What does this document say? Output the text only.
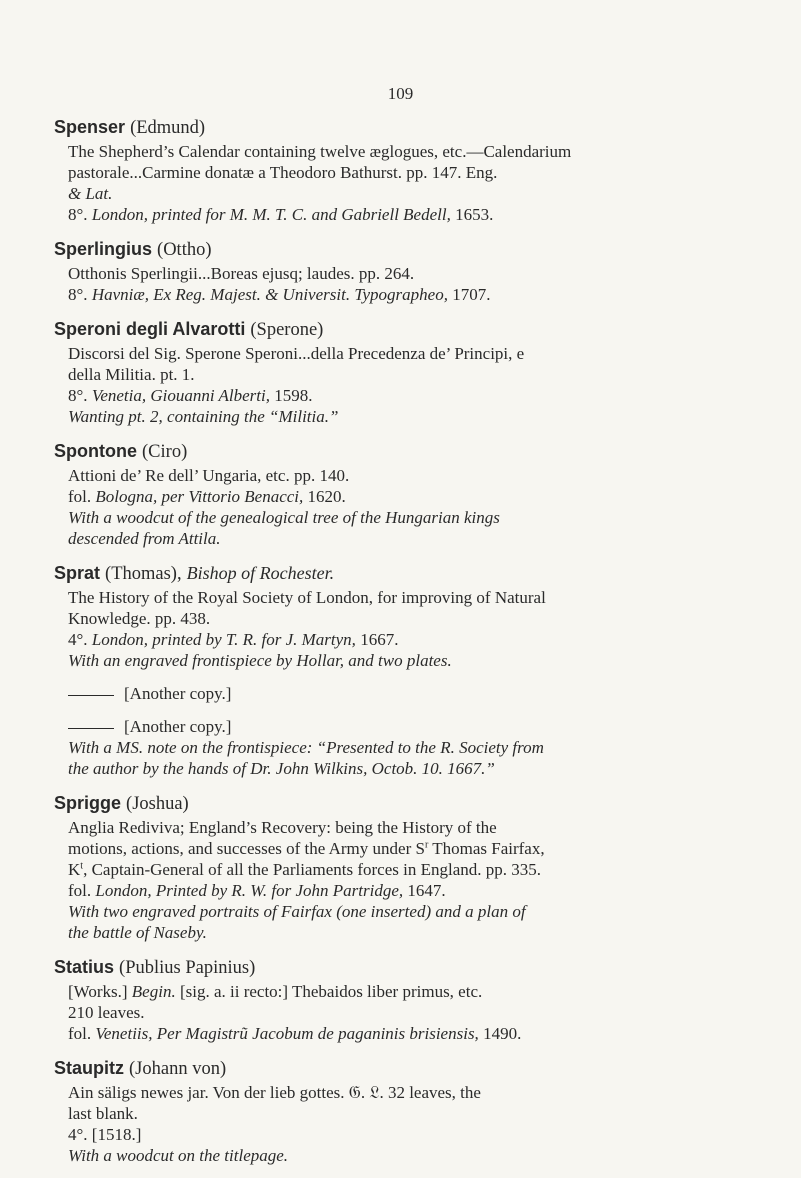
109
Spenser (Edmund)
The Shepherd’s Calendar containing twelve æglogues, etc.—Calendarium
pastorale...Carmine donatæ a Theodoro Bathurst. pp. 147. Eng.
& Lat.
8°. London, printed for M. M. T. C. and Gabriell Bedell, 1653.
Sperlingius (Ottho)
Otthonis Sperlingii...Boreas ejusq; laudes. pp. 264.
8°. Havniæ, Ex Reg. Majest. & Universit. Typographeo, 1707.
Speroni degli Alvarotti (Sperone)
Discorsi del Sig. Sperone Speroni...della Precedenza de’ Principi, e
della Militia. pt. 1.
8°. Venetia, Giouanni Alberti, 1598.
Wanting pt. 2, containing the “Militia.”
Spontone (Ciro)
Attioni de’ Re dell’ Ungaria, etc. pp. 140.
fol. Bologna, per Vittorio Benacci, 1620.
With a woodcut of the genealogical tree of the Hungarian kings
descended from Attila.
Sprat (Thomas), Bishop of Rochester.
The History of the Royal Society of London, for improving of Natural
Knowledge. pp. 438.
4°. London, printed by T. R. for J. Martyn, 1667.
With an engraved frontispiece by Hollar, and two plates.
[Another copy.]
[Another copy.]
With a MS. note on the frontispiece: “Presented to the R. Society from
the author by the hands of Dr. John Wilkins, Octob. 10. 1667.”
Sprigge (Joshua)
Anglia Rediviva; England’s Recovery: being the History of the
motions, actions, and successes of the Army under $S^r$ Thomas Fairfax,
$K^t$, Captain-General of all the Parliaments forces in England. pp. 335.
fol. London, Printed by R. W. for John Partridge, 1647.
With two engraved portraits of Fairfax (one inserted) and a plan of
the battle of Naseby.
Statius (Publius Papinius)
[Works.] Begin. [sig. a. ii recto:] Thebaidos liber primus, etc.
210 leaves.
fol. Venetiis, Per Magistrũ Jacobum de paganinis brisiensis, 1490.
Staupitz (Johann von)
Ain säligs newes jar. Von der lieb gottes. 𝔊. 𝔏. 32 leaves, the
last blank.
4°. [1518.]
With a woodcut on the titlepage.
